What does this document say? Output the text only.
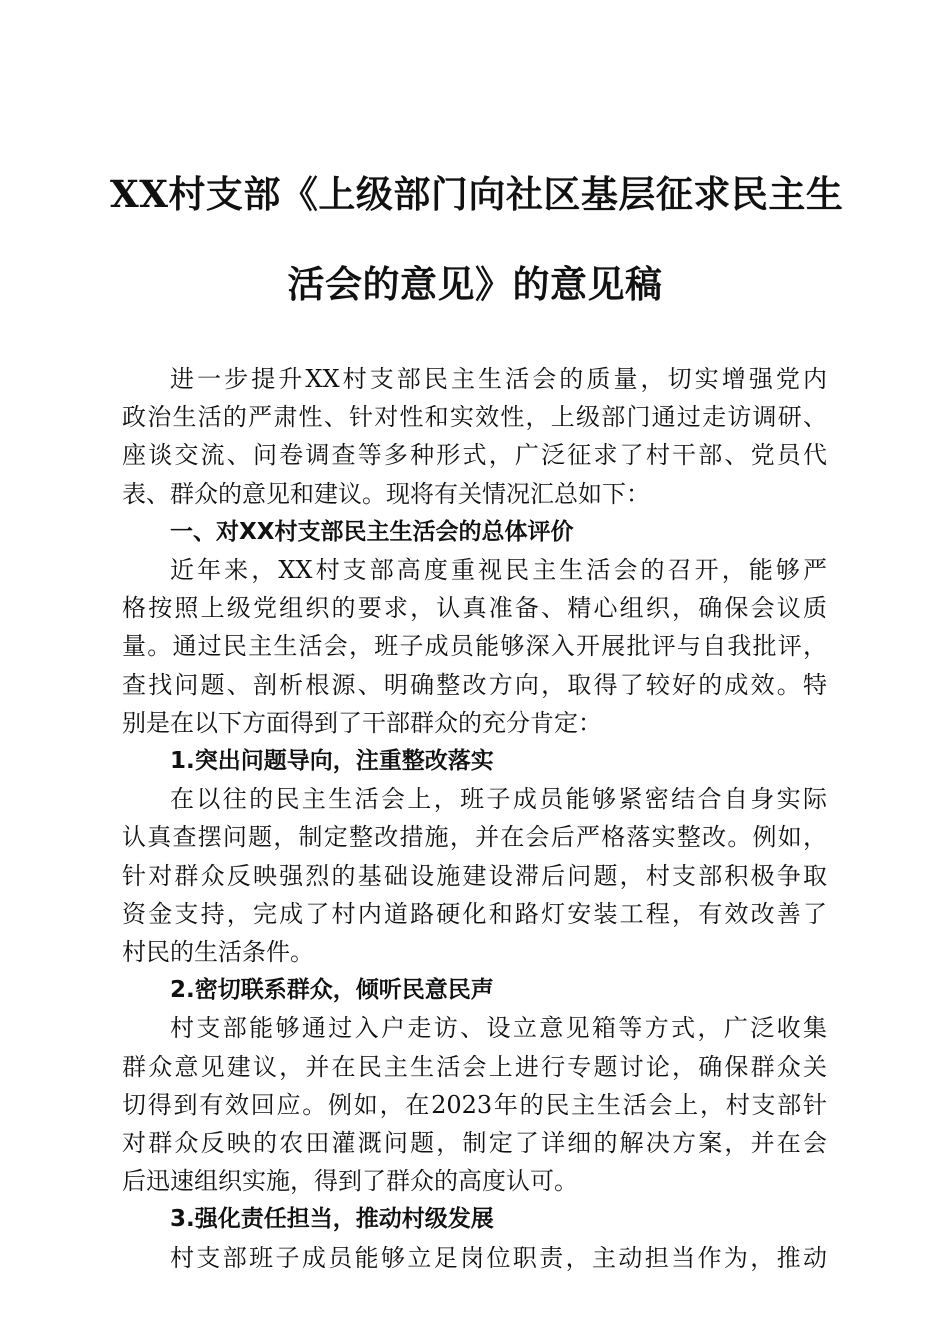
XX村支部《上级部门向社区基层征求民主生
活会的意见》的意见稿
进一步提升XX村支部民主生活会的质量，切实增强党内
政治生活的严肃性、针对性和实效性，上级部门通过走访调研、
座谈交流、问卷调查等多种形式，广泛征求了村干部、党员代
表、群众的意见和建议。现将有关情况汇总如下：
一、对XX村支部民主生活会的总体评价
近年来，XX村支部高度重视民主生活会的召开，能够严
格按照上级党组织的要求，认真准备、精心组织，确保会议质
量。通过民主生活会，班子成员能够深入开展批评与自我批评，
查找问题、剖析根源、明确整改方向，取得了较好的成效。特
别是在以下方面得到了干部群众的充分肯定：
1.突出问题导向，注重整改落实
在以往的民主生活会上，班子成员能够紧密结合自身实际
认真查摆问题，制定整改措施，并在会后严格落实整改。例如，
针对群众反映强烈的基础设施建设滞后问题，村支部积极争取
资金支持，完成了村内道路硬化和路灯安装工程，有效改善了
村民的生活条件。
2.密切联系群众，倾听民意民声
村支部能够通过入户走访、设立意见箱等方式，广泛收集
群众意见建议，并在民主生活会上进行专题讨论，确保群众关
切得到有效回应。例如，在2023年的民主生活会上，村支部针
对群众反映的农田灌溉问题，制定了详细的解决方案，并在会
后迅速组织实施，得到了群众的高度认可。
3.强化责任担当，推动村级发展
村支部班子成员能够立足岗位职责，主动担当作为，推动
